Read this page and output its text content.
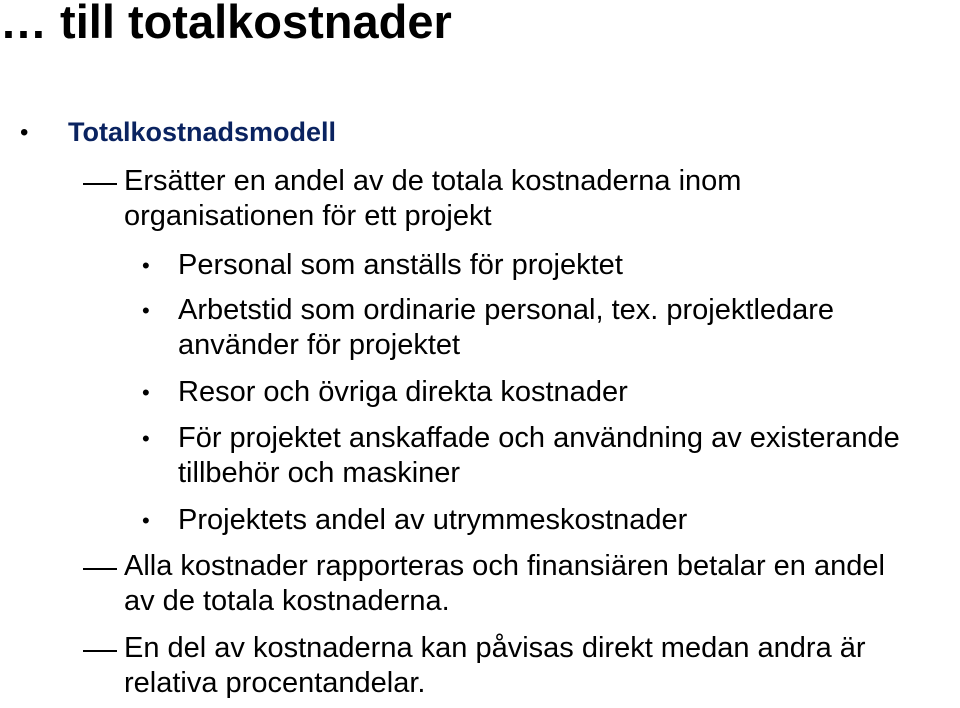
… till totalkostnader
• Totalkostnadsmodell
Ersätter en andel av de totala kostnaderna inom
organisationen för ett projekt
• Personal som anställs för projektet
• Arbetstid som ordinarie personal, tex. projektledare
använder för projektet
• Resor och övriga direkta kostnader
• För projektet anskaffade och användning av existerande
tillbehör och maskiner
• Projektets andel av utrymmeskostnader
Alla kostnader rapporteras och finansiären betalar en andel
av de totala kostnaderna.
En del av kostnaderna kan påvisas direkt medan andra är
relativa procentandelar.
